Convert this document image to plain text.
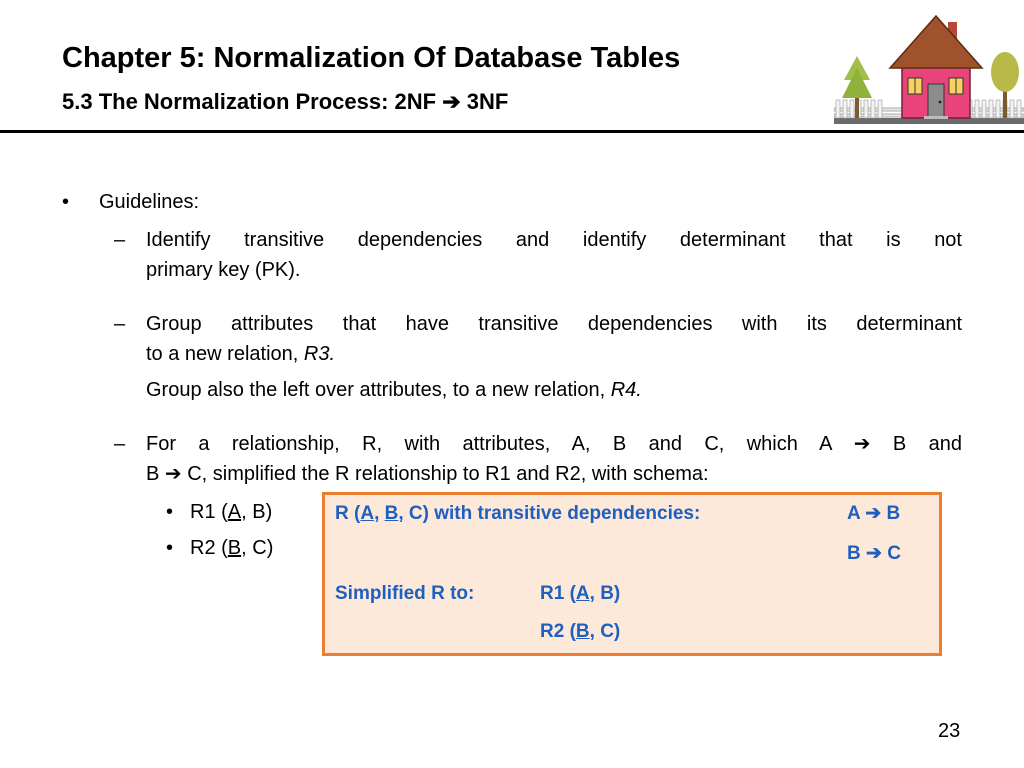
Chapter 5: Normalization Of Database Tables
5.3 The Normalization Process: 2NF ➔ 3NF
• Guidelines:
– Identify transitive dependencies and identify determinant that is not
primary key (PK).
– Group attributes that have transitive dependencies with its determinant
to a new relation, R3.
Group also the left over attributes, to a new relation, R4.
– For a relationship, R, with attributes, A, B and C, which A ➔ B and
B ➔ C, simplified the R relationship to R1 and R2, with schema:
• R1 (A, B)
• R2 (B, C)
R (A, B, C) with transitive dependencies:	A ➔ B
B ➔ C
Simplified R to:	R1 (A, B)
R2 (B, C)
23
